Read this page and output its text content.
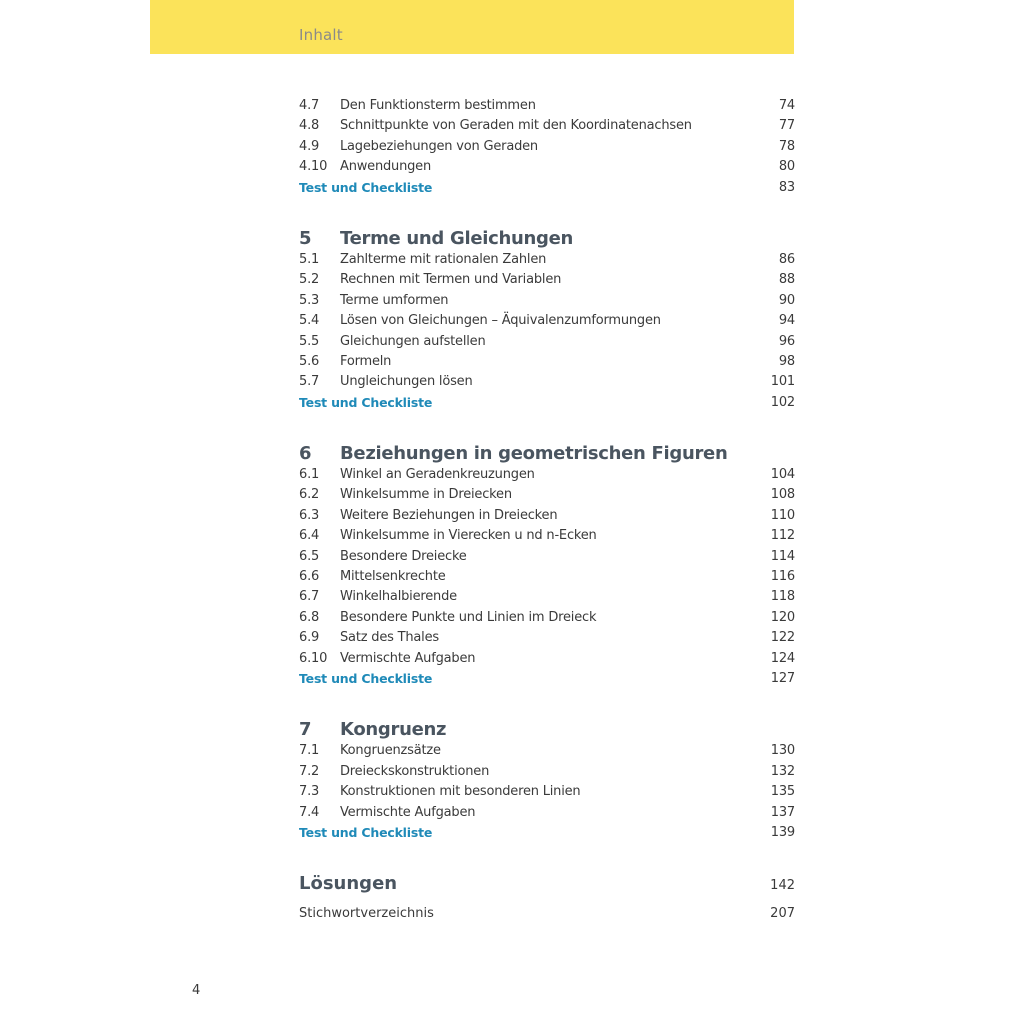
Inhalt
4.7 Den Funktionsterm bestimmen	74
4.8 Schnittpunkte von Geraden mit den Koordinatenachsen	77
4.9 Lagebeziehungen von Geraden	78
4.10 Anwendungen	80
Test und Checkliste	83
5 Terme und Gleichungen
5.1 Zahlterme mit rationalen Zahlen	86
5.2 Rechnen mit Termen und Variablen	88
5.3 Terme umformen	90
5.4 Lösen von Gleichungen – Äquivalenzumformungen	94
5.5 Gleichungen aufstellen	96
5.6 Formeln	98
5.7 Ungleichungen lösen	101
Test und Checkliste	102
6 Beziehungen in geometrischen Figuren
6.1 Winkel an Geradenkreuzungen	104
6.2 Winkelsumme in Dreiecken	108
6.3 Weitere Beziehungen in Dreiecken	110
6.4 Winkelsumme in Vierecken u nd n-Ecken	112
6.5 Besondere Dreiecke	114
6.6 Mittelsenkrechte	116
6.7 Winkelhalbierende	118
6.8 Besondere Punkte und Linien im Dreieck	120
6.9 Satz des Thales	122
6.10 Vermischte Aufgaben	124
Test und Checkliste	127
7 Kongruenz
7.1 Kongruenzsätze	130
7.2 Dreieckskonstruktionen	132
7.3 Konstruktionen mit besonderen Linien	135
7.4 Vermischte Aufgaben	137
Test und Checkliste	139
Lösungen	142
Stichwortverzeichnis	207
4
